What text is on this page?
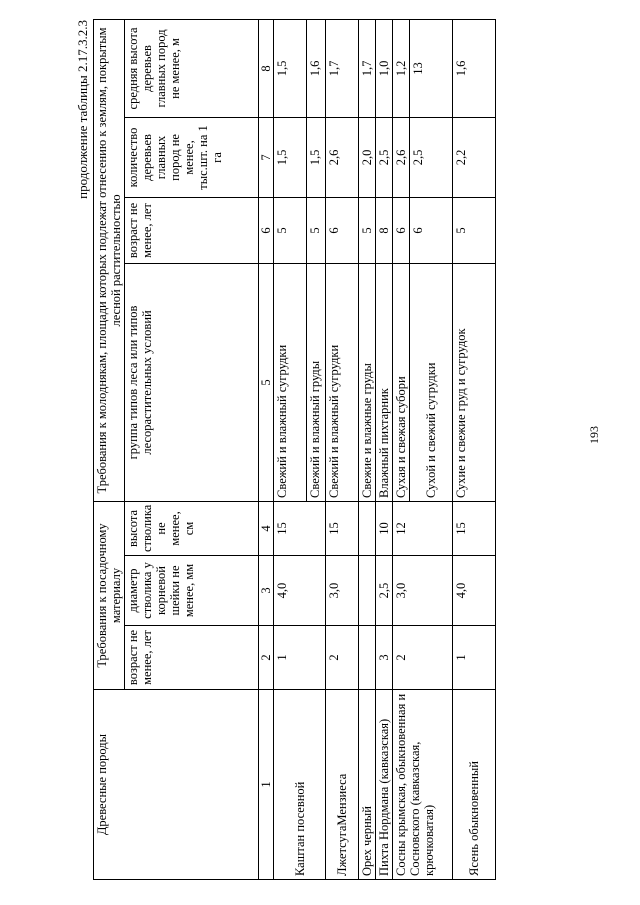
продолжение таблицы 2.17.3.2.3
Древесные породы	Требования к посадочному материалу			Требования к молоднякам, площади которых подлежат отнесению к землям, покрытым лесной растительностью			
	возраст не менее, лет	диаметр стволика у корневой шейки не менее, мм	высота стволика не менее, см	группа типов леса или типов лесорастительных условий	возраст не менее, лет	количество деревьев главных пород не менее, тыс.шт. на 1 га	средняя высота деревьев главных пород не менее, м
1	2	3	4	5	6	7	8
Каштан посевной	1	4,0	15	Свежий и влажный сугрудки	5	1,5	1,5
				Свежий и влажный груды	5	1,5	1,6
ЛжетсугаМензиеса	2	3,0	15	Свежий и влажный сугрудки	6	2,6	1,7
Орех черный				Свежие и влажные груды	5	2,0	1,7
Пихта Нордмана (кавказская)	3	2,5	10	Влажный пихтарник	8	2,5	1,0
Сосны крымская, обыкновенная и Сосновского (кавказская, крючковатая)	2	3,0	12	Сухая и свежая субори	6	2,6	1,2
				Сухой и свежий сугрудки	6	2,5	13
Ясень обыкновенный	1	4,0	15	Сухие и свежие груд и сугрудок	5	2,2	1,6
193
